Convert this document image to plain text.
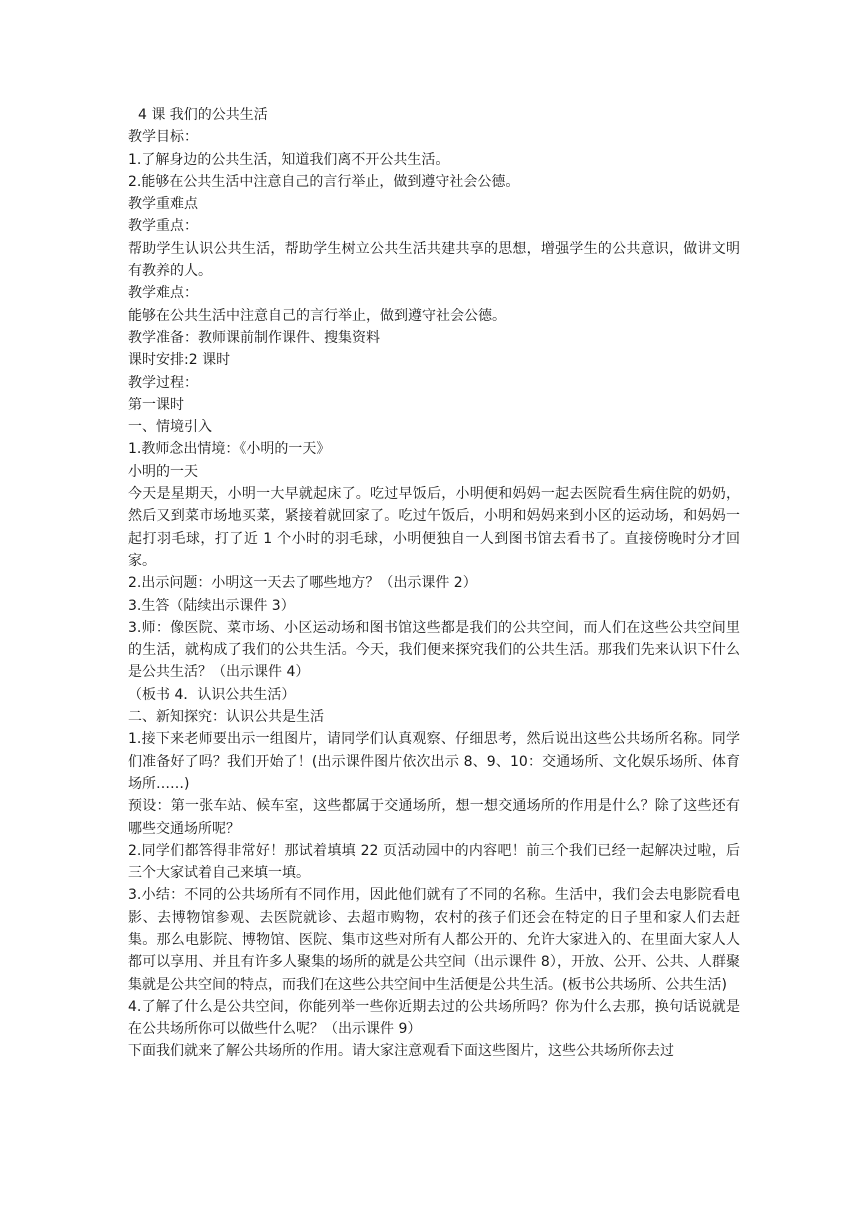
4 课 我们的公共生活

教学目标：

1.了解身边的公共生活，知道我们离不开公共生活。

2.能够在公共生活中注意自己的言行举止，做到遵守社会公德。

教学重难点

教学重点：

帮助学生认识公共生活，帮助学生树立公共生活共建共享的思想，增强学生的公共意识，做讲文明有教养的人。

教学难点：

能够在公共生活中注意自己的言行举止，做到遵守社会公德。

教学准备：教师课前制作课件、搜集资料

课时安排:2 课时

教学过程：

第一课时

一、情境引入

1.教师念出情境：《小明的一天》

小明的一天

今天是星期天，小明一大早就起床了。吃过早饭后，小明便和妈妈一起去医院看生病住院的奶奶，然后又到菜市场地买菜，紧接着就回家了。吃过午饭后，小明和妈妈来到小区的运动场，和妈妈一起打羽毛球，打了近 1 个小时的羽毛球，小明便独自一人到图书馆去看书了。直接傍晚时分才回家。

2.出示问题：小明这一天去了哪些地方？（出示课件 2）

3.生答（陆续出示课件 3）

3.师：像医院、菜市场、小区运动场和图书馆这些都是我们的公共空间，而人们在这些公共空间里的生活，就构成了我们的公共生活。今天，我们便来探究我们的公共生活。那我们先来认识下什么是公共生活？（出示课件 4）

（板书 4．认识公共生活）

二、新知探究：认识公共是生活

1.接下来老师要出示一组图片，请同学们认真观察、仔细思考，然后说出这些公共场所名称。同学们准备好了吗？我们开始了！(出示课件图片依次出示 8、9、10：交通场所、文化娱乐场所、体育场所……)

预设：第一张车站、候车室，这些都属于交通场所，想一想交通场所的作用是什么？除了这些还有哪些交通场所呢？

2.同学们都答得非常好！那试着填填 22 页活动园中的内容吧！前三个我们已经一起解决过啦，后三个大家试着自己来填一填。

3.小结：不同的公共场所有不同作用，因此他们就有了不同的名称。生活中，我们会去电影院看电影、去博物馆参观、去医院就诊、去超市购物，农村的孩子们还会在特定的日子里和家人们去赶集。那么电影院、博物馆、医院、集市这些对所有人都公开的、允许大家进入的、在里面大家人人都可以享用、并且有许多人聚集的场所的就是公共空间（出示课件 8），开放、公开、公共、人群聚集就是公共空间的特点，而我们在这些公共空间中生活便是公共生活。(板书公共场所、公共生活)

4.了解了什么是公共空间，你能列举一些你近期去过的公共场所吗？你为什么去那，换句话说就是在公共场所你可以做些什么呢？（出示课件 9）

下面我们就来了解公共场所的作用。请大家注意观看下面这些图片，这些公共场所你去过
